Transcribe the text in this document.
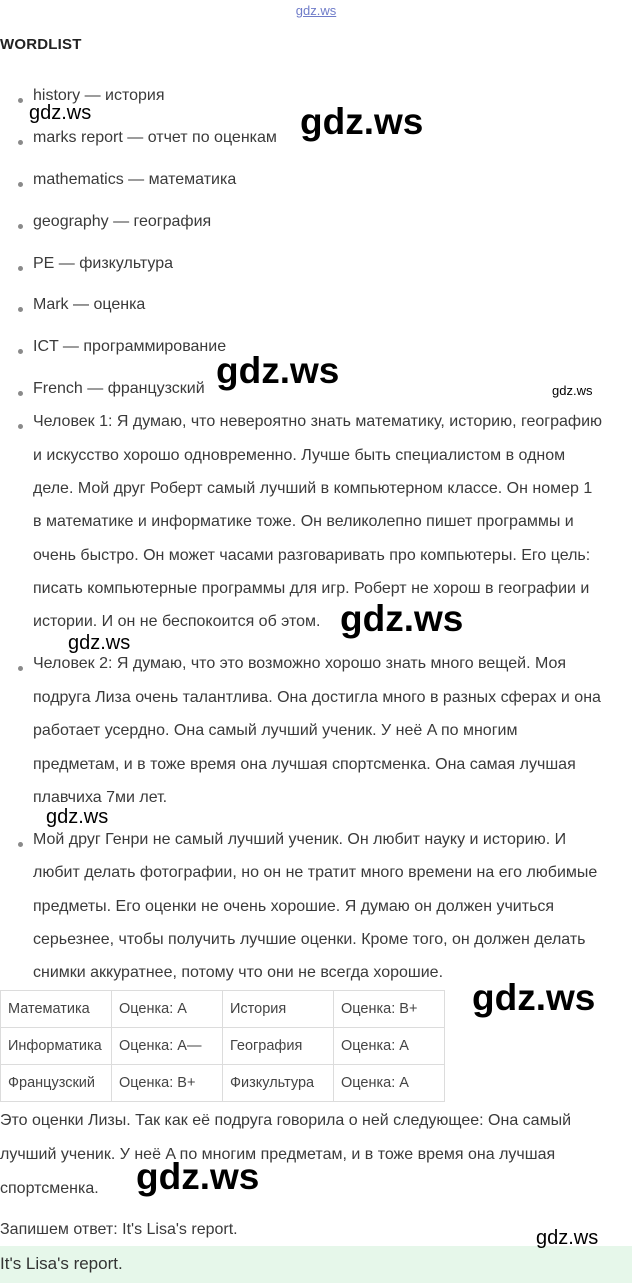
gdz.ws
WORDLIST
history — история
marks report — отчет по оценкам
mathematics — математика
geography — география
PE — физкультура
Mark — оценка
ICT — программирование
French — французский
Человек 1: Я думаю, что невероятно знать математику, историю, географию
и искусство хорошо одновременно. Лучше быть специалистом в одном
деле. Мой друг Роберт самый лучший в компьютерном классе. Он номер 1
в математике и информатике тоже. Он великолепно пишет программы и
очень быстро. Он может часами разговаривать про компьютеры. Его цель:
писать компьютерные программы для игр. Роберт не хорош в географии и
истории. И он не беспокоится об этом.
Человек 2: Я думаю, что это возможно хорошо знать много вещей. Моя
подруга Лиза очень талантлива. Она достигла много в разных сферах и она
работает усердно. Она самый лучший ученик. У неё A по многим
предметам, и в тоже время она лучшая спортсменка. Она самая лучшая
плавчиха 7ми лет.
Мой друг Генри не самый лучший ученик. Он любит науку и историю. И
любит делать фотографии, но он не тратит много времени на его любимые
предметы. Его оценки не очень хорошие. Я думаю он должен учиться
серьезнее, чтобы получить лучшие оценки. Кроме того, он должен делать
снимки аккуратнее, потому что они не всегда хорошие.
Математика	Оценка: A	История	Оценка: B+
Информатика	Оценка: A—	География	Оценка: A
Французский	Оценка: B+	Физкультура	Оценка: A
Это оценки Лизы. Так как её подруга говорила о ней следующее: Она самый
лучший ученик. У неё A по многим предметам, и в тоже время она лучшая
спортсменка.
Запишем ответ: It's Lisa's report.
It's Lisa's report.
gdz.ws	gdz.ws
gdz.ws	gdz.ws
gdz.ws
gdz.ws
gdz.ws
gdz.ws
gdz.ws
gdz.ws
